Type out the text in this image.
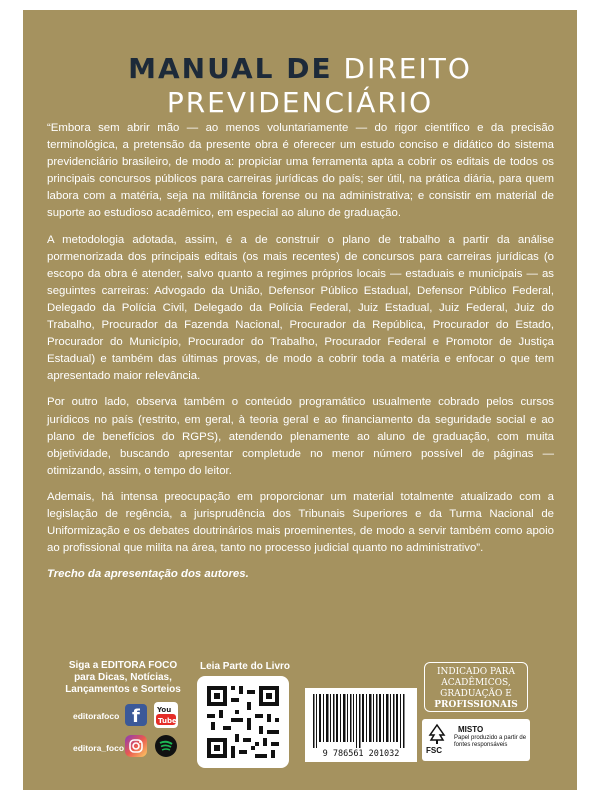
MANUAL DE DIREITO
PREVIDENCIÁRIO

“Embora sem abrir mão — ao menos voluntariamente — do rigor científico e da precisão terminológica, a pretensão da presente obra é oferecer um estudo conciso e didático do sistema previdenciário brasileiro, de modo a: propiciar uma ferramenta apta a cobrir os editais de todos os principais concursos públicos para carreiras jurídicas do país; ser útil, na prática diária, para quem labora com a matéria, seja na militância forense ou na administrativa; e consistir em material de suporte ao estudioso acadêmico, em especial ao aluno de graduação.

A metodologia adotada, assim, é a de construir o plano de trabalho a partir da análise pormenorizada dos principais editais (os mais recentes) de concursos para carreiras jurídicas (o escopo da obra é atender, salvo quanto a regimes próprios locais — estaduais e municipais — as seguintes carreiras: Advogado da União, Defensor Público Estadual, Defensor Público Federal, Delegado da Polícia Civil, Delegado da Polícia Federal, Juiz Estadual, Juiz Federal, Juiz do Trabalho, Procurador da Fazenda Nacional, Procurador da República, Procurador do Estado, Procurador do Município, Procurador do Trabalho, Procurador Federal e Promotor de Justiça Estadual) e também das últimas provas, de modo a cobrir toda a matéria e enfocar o que tem apresentado maior relevância.

Por outro lado, observa também o conteúdo programático usualmente cobrado pelos cursos jurídicos no país (restrito, em geral, à teoria geral e ao financiamento da seguridade social e ao plano de benefícios do RGPS), atendendo plenamente ao aluno de graduação, com muita objetividade, buscando apresentar completude no menor número possível de páginas — otimizando, assim, o tempo do leitor.

Ademais, há intensa preocupação em proporcionar um material totalmente atualizado com a legislação de regência, a jurisprudência dos Tribunais Superiores e da Turma Nacional de Uniformização e os debates doutrinários mais proeminentes, de modo a servir também como apoio ao profissional que milita na área, tanto no processo judicial quanto no administrativo”.

Trecho da apresentação dos autores.

Siga a EDITORA FOCO
para Dicas, Notícias,
Lançamentos e Sorteios
editorafoco f You
Tube
editora_foco
Leia Parte do Livro	INDICADO PARA
ACADÊMICOS,
GRADUAÇÃO E
PROFISSIONAIS
9 786561 201032	FSC
MISTO
Papel produzido a partir de fontes responsáveis
